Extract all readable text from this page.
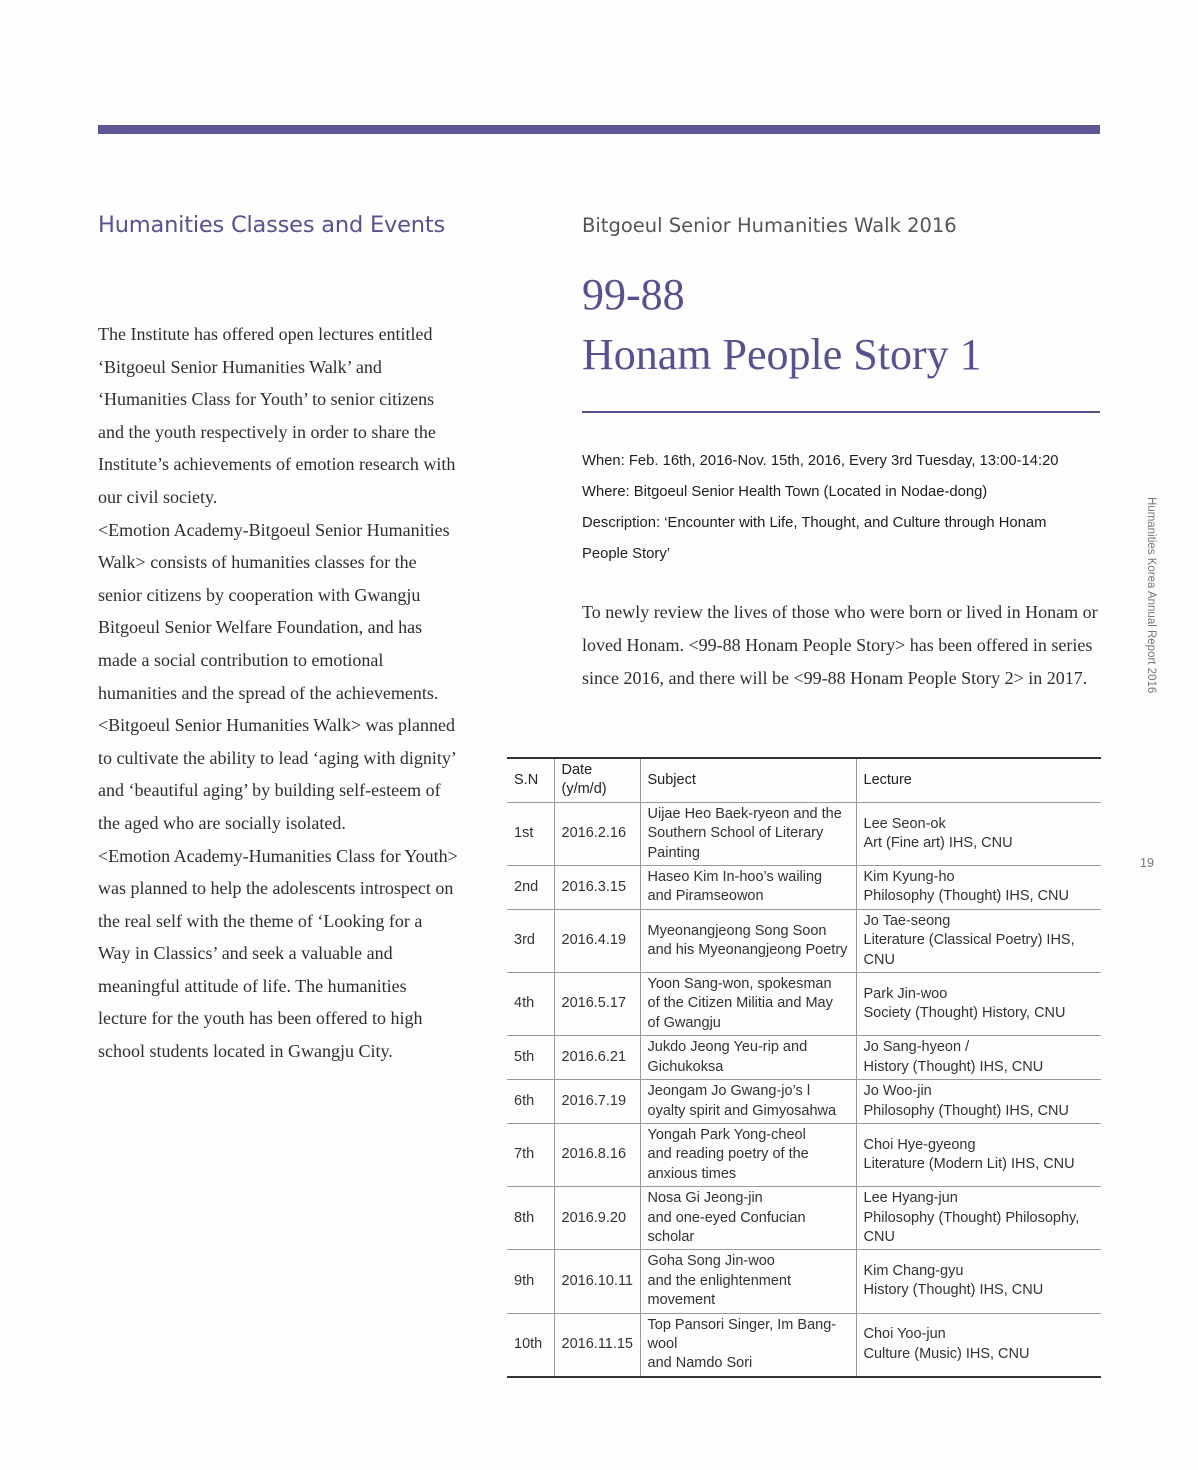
Humanities Classes and Events

The Institute has offered open lectures entitled ‘Bitgoeul Senior Humanities Walk’ and ‘Humanities Class for Youth’ to senior citizens and the youth respectively in order to share the Institute’s achievements of emotion research with our civil society.

<Emotion Academy-Bitgoeul Senior Humanities Walk> consists of humanities classes for the senior citizens by cooperation with Gwangju Bitgoeul Senior Welfare Foundation, and has made a social contribution to emotional humanities and the spread of the achievements. <Bitgoeul Senior Humanities Walk> was planned to cultivate the ability to lead ‘aging with dignity’ and ‘beautiful aging’ by building self-esteem of the aged who are socially isolated.

<Emotion Academy-Humanities Class for Youth> was planned to help the adolescents introspect on the real self with the theme of ‘Looking for a Way in Classics’ and seek a valuable and meaningful attitude of life. The humanities lecture for the youth has been offered to high school students located in Gwangju City.

Bitgoeul Senior Humanities Walk 2016
99-88
Honam People Story 1
When: Feb. 16th, 2016-Nov. 15th, 2016, Every 3rd Tuesday, 13:00-14:20
Where: Bitgoeul Senior Health Town (Located in Nodae-dong)
Description: ‘Encounter with Life, Thought, and Culture through Honam
People Story’

To newly review the lives of those who were born or lived in Honam or loved Honam. <99-88 Honam People Story> has been offered in series since 2016, and there will be <99-88 Honam People Story 2> in 2017.	Humanities Korea Annual Report 2016
19
S.N	Date (y/m/d)	Subject	Lecture
1st	2016.2.16	Uijae Heo Baek-ryeon and the
Southern School of Literary
Painting	Lee Seon-ok
Art (Fine art) IHS, CNU

2nd	2016.3.15	Haseo Kim In-hoo’s wailing
and Piramseowon	Kim Kyung-ho
Philosophy (Thought) IHS, CNU

3rd	2016.4.19	Myeonangjeong Song Soon
and his Myeonangjeong Poetry	Jo Tae-seong
Literature (Classical Poetry) IHS, CNU

4th	2016.5.17	Yoon Sang-won, spokesman
of the Citizen Militia and May
of Gwangju	Park Jin-woo
Society (Thought) History, CNU

5th	2016.6.21	Jukdo Jeong Yeu-rip and
Gichukoksa	Jo Sang-hyeon /
History (Thought) IHS, CNU

6th	2016.7.19	Jeongam Jo Gwang-jo’s l
oyalty spirit and Gimyosahwa	Jo Woo-jin
Philosophy (Thought) IHS, CNU

7th	2016.8.16	Yongah Park Yong-cheol
and reading poetry of the
anxious times	Choi Hye-gyeong
Literature (Modern Lit) IHS, CNU

8th	2016.9.20	Nosa Gi Jeong-jin
and one-eyed Confucian
scholar	Lee Hyang-jun
Philosophy (Thought) Philosophy,
CNU

9th	2016.10.11	Goha Song Jin-woo
and the enlightenment
movement	Kim Chang-gyu
History (Thought) IHS, CNU

10th	2016.11.15	Top Pansori Singer, Im Bang-
wool
and Namdo Sori	Choi Yoo-jun
Culture (Music) IHS, CNU
